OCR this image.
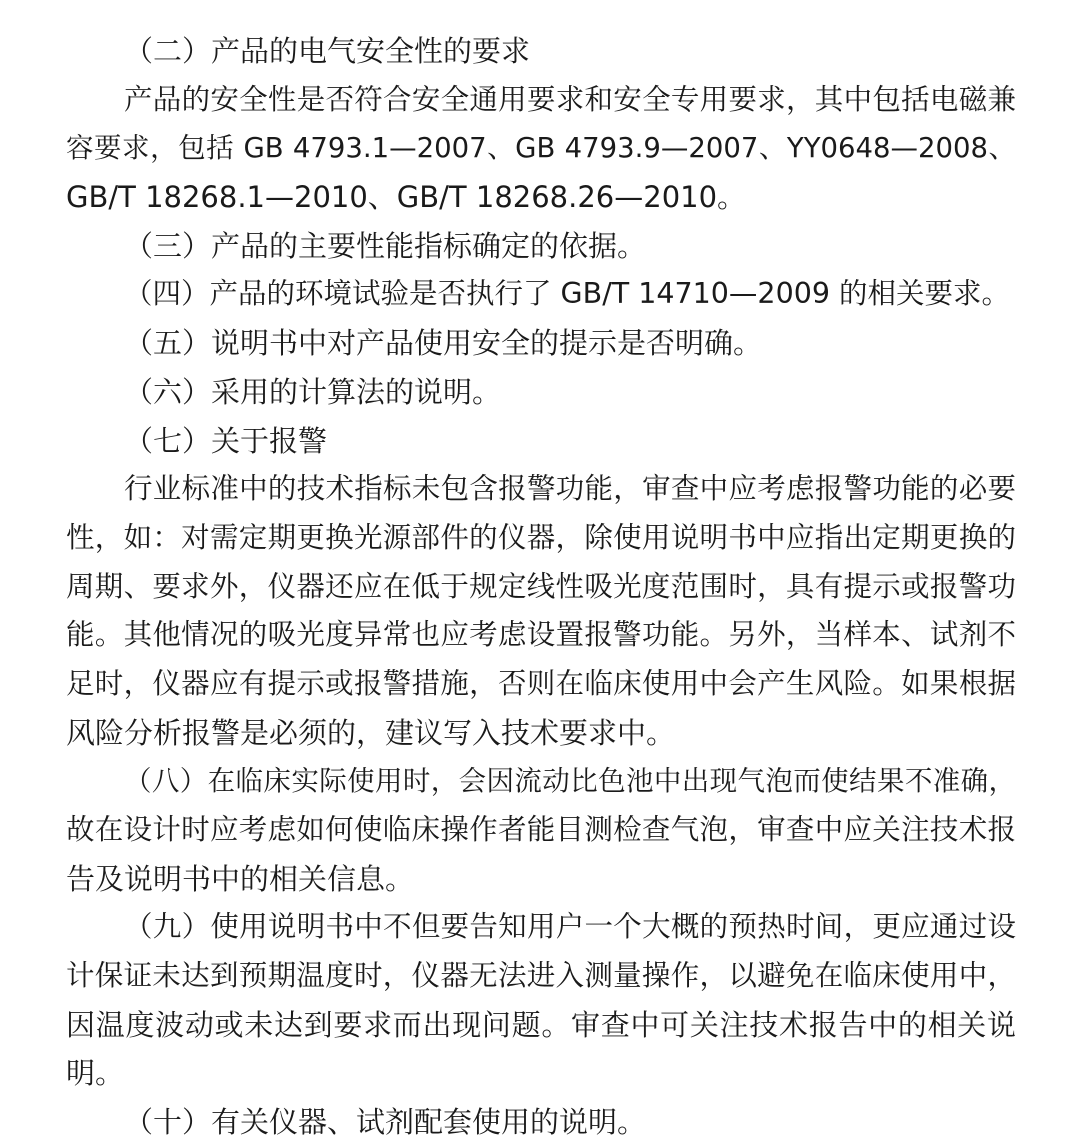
（二）产品的电气安全性的要求
产品的安全性是否符合安全通用要求和安全专用要求，其中包括电磁兼
容要求，包括 GB 4793.1—2007、GB 4793.9—2007、YY0648—2008、
GB/T 18268.1—2010、GB/T 18268.26—2010。
（三）产品的主要性能指标确定的依据。
（四）产品的环境试验是否执行了 GB/T 14710—2009 的相关要求。
（五）说明书中对产品使用安全的提示是否明确。
（六）采用的计算法的说明。
（七）关于报警
行业标准中的技术指标未包含报警功能，审查中应考虑报警功能的必要
性，如：对需定期更换光源部件的仪器，除使用说明书中应指出定期更换的
周期、要求外，仪器还应在低于规定线性吸光度范围时，具有提示或报警功
能。其他情况的吸光度异常也应考虑设置报警功能。另外，当样本、试剂不
足时，仪器应有提示或报警措施，否则在临床使用中会产生风险。如果根据
风险分析报警是必须的，建议写入技术要求中。
（八）在临床实际使用时，会因流动比色池中出现气泡而使结果不准确，
故在设计时应考虑如何使临床操作者能目测检查气泡，审查中应关注技术报
告及说明书中的相关信息。
（九）使用说明书中不但要告知用户一个大概的预热时间，更应通过设
计保证未达到预期温度时，仪器无法进入测量操作，以避免在临床使用中，
因温度波动或未达到要求而出现问题。审查中可关注技术报告中的相关说
明。
（十）有关仪器、试剂配套使用的说明。
